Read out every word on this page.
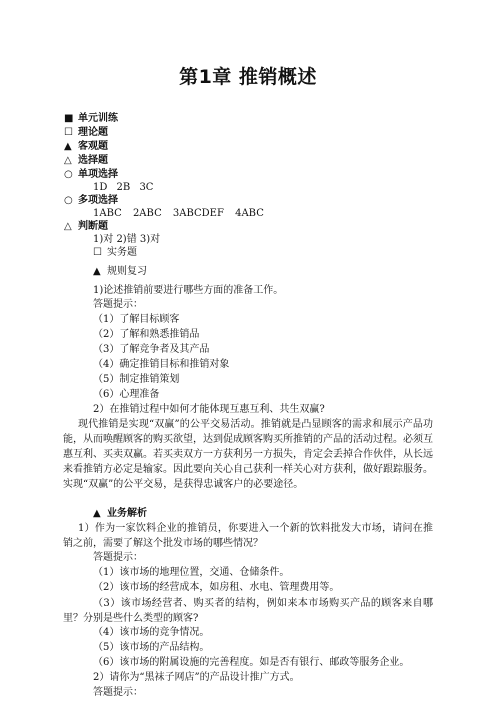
第1章 推销概述
■ 单元训练
☐ 理论题
▲ 客观题
△ 选择题
○ 单项选择
1D 2B 3C
○ 多项选择
1ABC 2ABC 3ABCDEF 4ABC
△ 判断题
1)对 2)错 3)对
☐ 实务题
▲ 规则复习
1)论述推销前要进行哪些方面的准备工作。
答题提示：
（1）了解目标顾客
（2）了解和熟悉推销品
（3）了解竞争者及其产品
（4）确定推销目标和推销对象
（5）制定推销策划
（6）心理准备
2）在推销过程中如何才能体现互惠互利、共生双赢?
现代推销是实现“双赢”的公平交易活动。推销就是凸显顾客的需求和展示产品功能，从而唤醒顾客的购买欲望，达到促成顾客购买所推销的产品的活动过程。必须互惠互利、买卖双赢。若买卖双方一方获利另一方损失，肯定会丢掉合作伙伴，从长远来看推销方必定是输家。因此要向关心自己获利一样关心对方获利，做好跟踪服务。实现“双赢”的公平交易，是获得忠诚客户的必要途径。
▲ 业务解析
1）作为一家饮料企业的推销员，你要进入一个新的饮料批发大市场，请问在推销之前，需要了解这个批发市场的哪些情况？
答题提示：
（1）该市场的地理位置，交通、仓储条件。
（2）该市场的经营成本，如房租、水电、管理费用等。
（3）该市场经营者、购买者的结构，例如来本市场购买产品的顾客来自哪里？分别是些什么类型的顾客?
（4）该市场的竞争情况。
（5）该市场的产品结构。
（6）该市场的附属设施的完善程度。如是否有银行、邮政等服务企业。
2）请你为“黑袜子网店”的产品设计推广方式。
答题提示：
